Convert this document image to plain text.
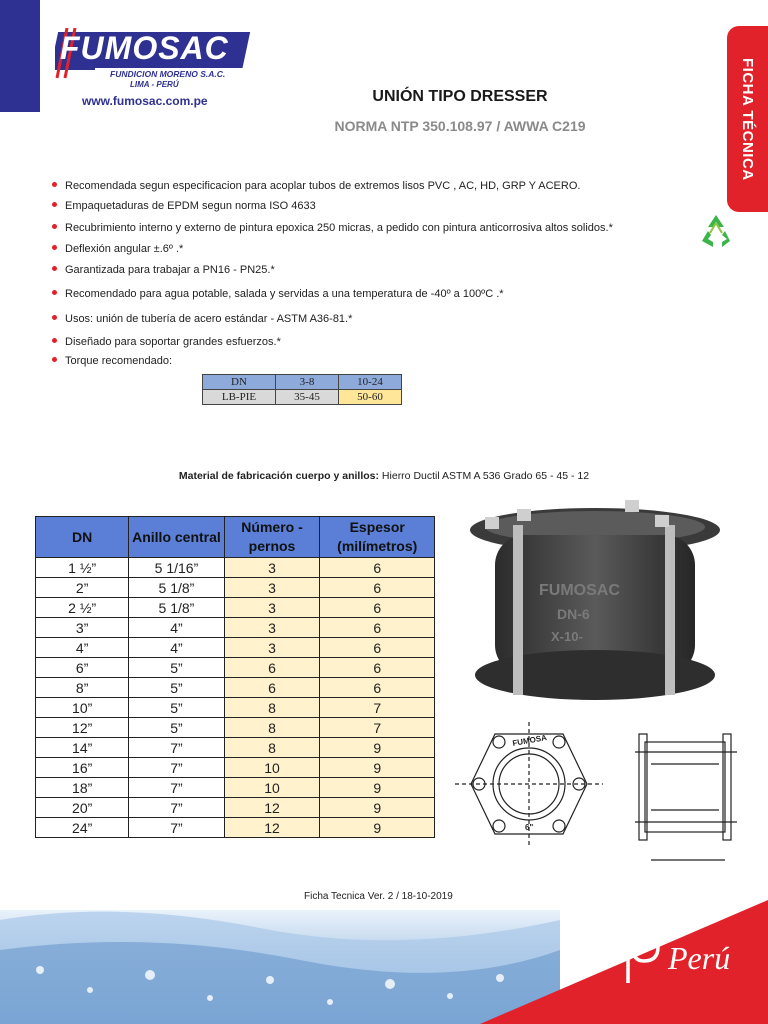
FUMOSAC
FUNDICION MORENO S.A.C.
LIMA - PERÚ
www.fumosac.com.pe	UNIÓN TIPO DRESSER
NORMA NTP 350.108.97 / AWWA C219	FICHA TÉCNICA
Recomendada segun especificacion para acoplar tubos de extremos lisos PVC , AC, HD, GRP Y ACERO.
Empaquetaduras de EPDM segun norma ISO 4633
Recubrimiento interno y externo de pintura epoxica 250 micras, a pedido con pintura anticorrosiva altos solidos.*
Deflexión angular ±.6º .*
Garantizada para trabajar a PN16 - PN25.*
Recomendado para agua potable, salada y servidas a una temperatura de -40º a 100ºC .*
Usos: unión de tubería de acero estándar - ASTM A36-81.*
Diseñado para soportar grandes esfuerzos.*
Torque recomendado:
DN	3-8	10-24
LB-PIE	35-45	50-60
Material de fabricación cuerpo y anillos: Hierro Ductil ASTM A 536 Grado 65 - 45 - 12
DN	Anillo central	Número - pernos	Espesor (milímetros)
1 ½”	5 1/16”	3	6
2”	5 1/8”	3	6
2 ½”	5 1/8”	3	6
3”	4”	3	6
4”	4”	3	6
6”	5”	6	6
8”	5”	6	6
10”	5”	8	7
12”	5”	8	7
14”	7”	8	9
16”	7”	10	9
18”	7”	10	9
20”	7”	12	9
24”	7”	12	9
FUMOSAC
DN-6
X-10-
FUMOSA
6"
Perú
Ficha Tecnica Ver. 2 / 18-10-2019
